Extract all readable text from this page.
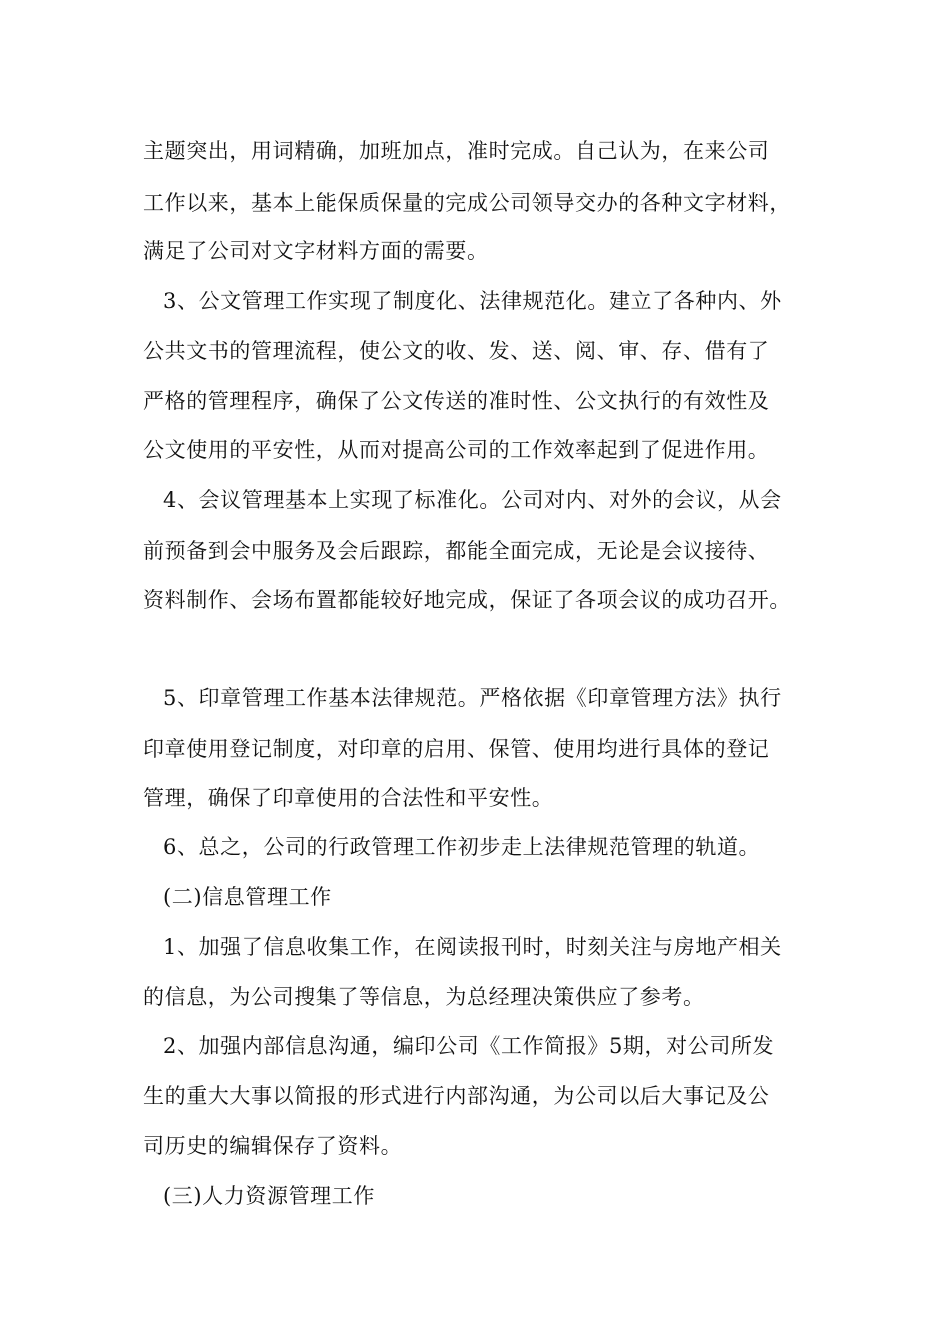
主题突出，用词精确，加班加点，准时完成。自己认为，在来公司
工作以来，基本上能保质保量的完成公司领导交办的各种文字材料，
满足了公司对文字材料方面的需要。
3、公文管理工作实现了制度化、法律规范化。建立了各种内、外
公共文书的管理流程，使公文的收、发、送、阅、审、存、借有了
严格的管理程序，确保了公文传送的准时性、公文执行的有效性及
公文使用的平安性，从而对提高公司的工作效率起到了促进作用。
4、会议管理基本上实现了标准化。公司对内、对外的会议，从会
前预备到会中服务及会后跟踪，都能全面完成，无论是会议接待、
资料制作、会场布置都能较好地完成，保证了各项会议的成功召开。
5、印章管理工作基本法律规范。严格依据《印章管理方法》执行
印章使用登记制度，对印章的启用、保管、使用均进行具体的登记
管理，确保了印章使用的合法性和平安性。
6、总之，公司的行政管理工作初步走上法律规范管理的轨道。
(二)信息管理工作
1、加强了信息收集工作，在阅读报刊时，时刻关注与房地产相关
的信息，为公司搜集了等信息，为总经理决策供应了参考。
2、加强内部信息沟通，编印公司《工作简报》5期，对公司所发
生的重大大事以简报的形式进行内部沟通，为公司以后大事记及公
司历史的编辑保存了资料。
(三)人力资源管理工作
